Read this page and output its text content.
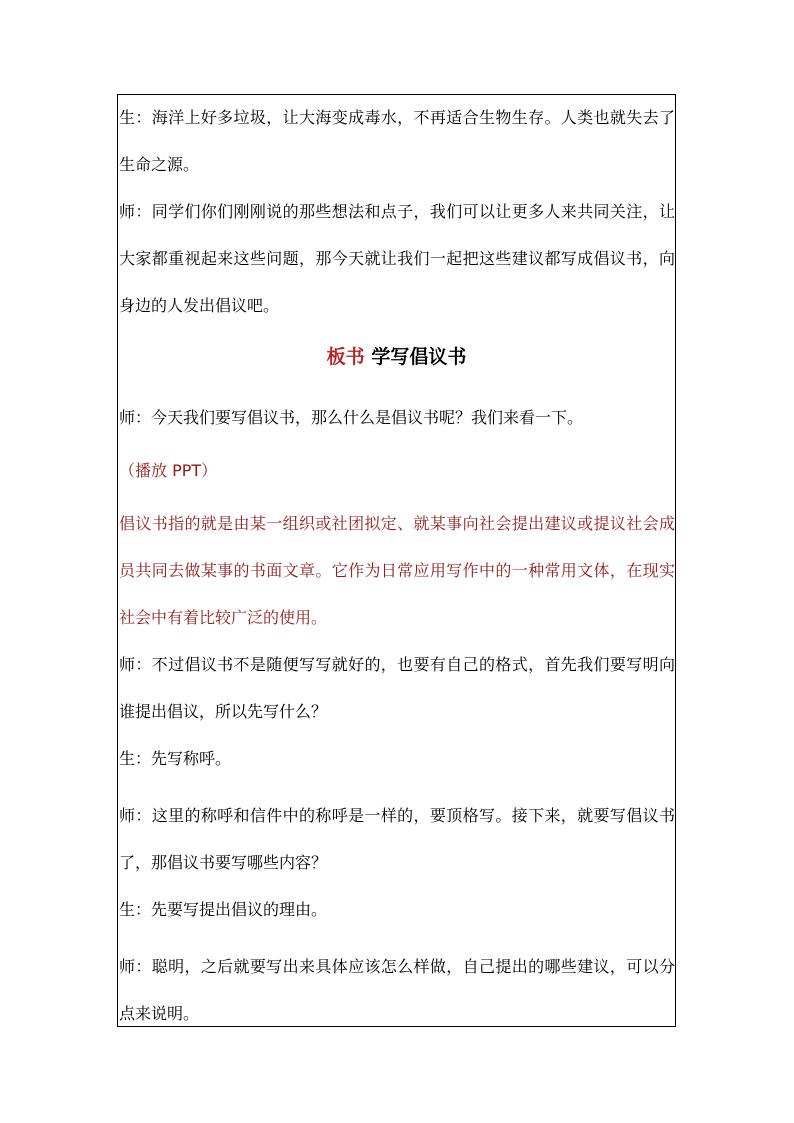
生：海洋上好多垃圾，让大海变成毒水，不再适合生物生存。人类也就失去了生命之源。

师：同学们你们刚刚说的那些想法和点子，我们可以让更多人来共同关注，让大家都重视起来这些问题，那今天就让我们一起把这些建议都写成倡议书，向身边的人发出倡议吧。

板书 学写倡议书

师：今天我们要写倡议书，那么什么是倡议书呢？我们来看一下。

（播放 PPT）

倡议书指的就是由某一组织或社团拟定、就某事向社会提出建议或提议社会成员共同去做某事的书面文章。它作为日常应用写作中的一种常用文体，在现实社会中有着比较广泛的使用。

师：不过倡议书不是随便写写就好的，也要有自己的格式，首先我们要写明向谁提出倡议，所以先写什么？

生：先写称呼。

师：这里的称呼和信件中的称呼是一样的，要顶格写。接下来，就要写倡议书了，那倡议书要写哪些内容？

生：先要写提出倡议的理由。

师：聪明，之后就要写出来具体应该怎么样做，自己提出的哪些建议，可以分点来说明。
